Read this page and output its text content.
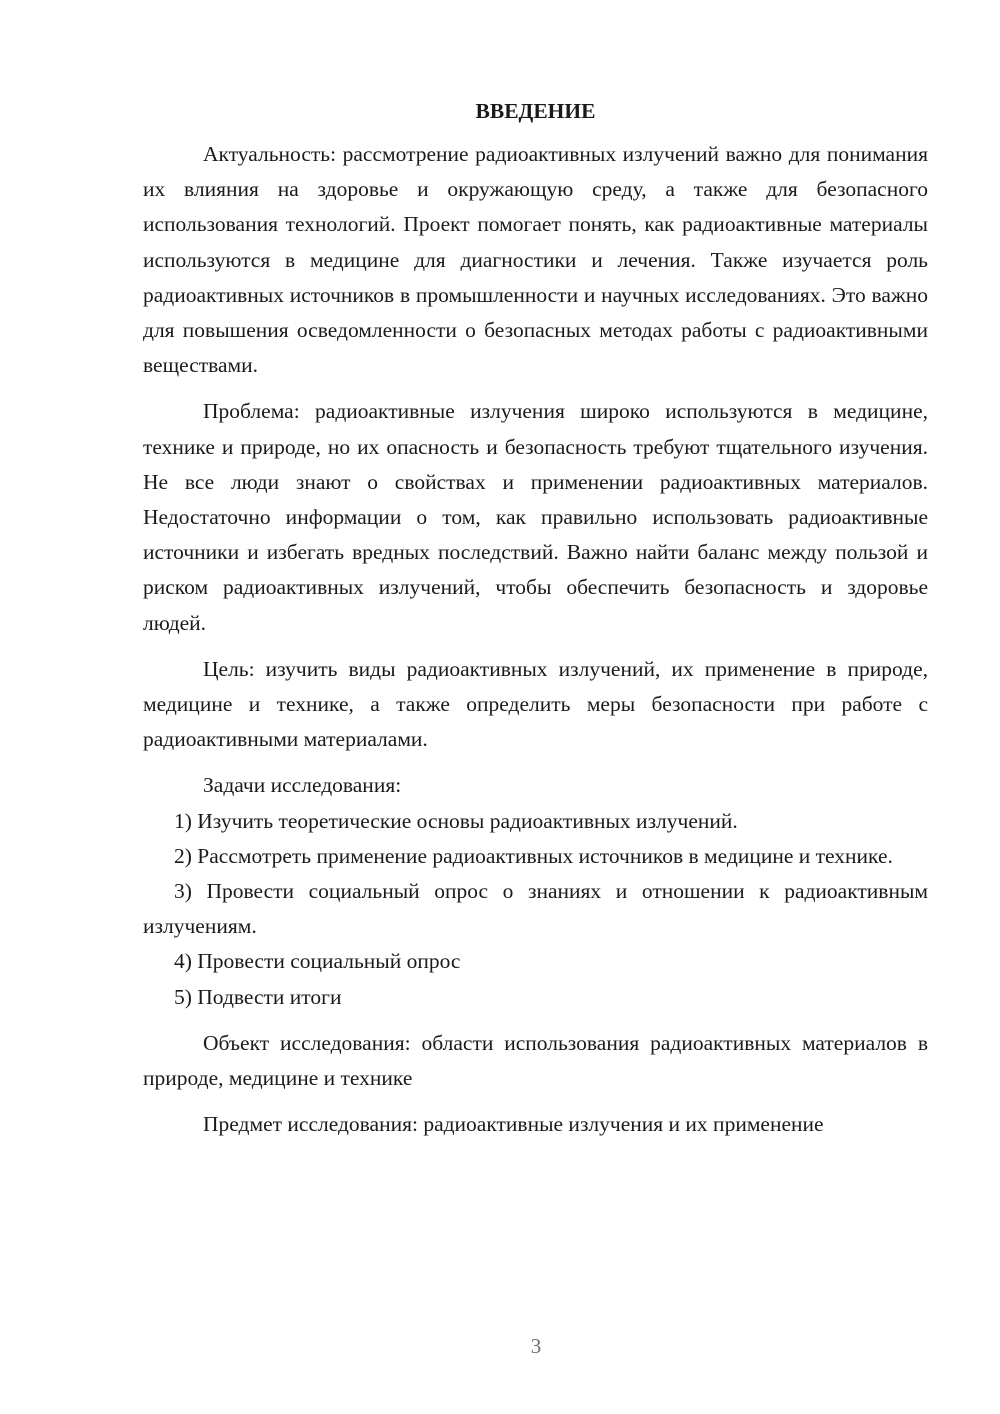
ВВЕДЕНИЕ

Актуальность: рассмотрение радиоактивных излучений важно для понимания их влияния на здоровье и окружающую среду, а также для безопасного использования технологий. Проект помогает понять, как радиоактивные материалы используются в медицине для диагностики и лечения. Также изучается роль радиоактивных источников в промышленности и научных исследованиях. Это важно для повышения осведомленности о безопасных методах работы с радиоактивными веществами.

Проблема: радиоактивные излучения широко используются в медицине, технике и природе, но их опасность и безопасность требуют тщательного изучения. Не все люди знают о свойствах и применении радиоактивных материалов. Недостаточно информации о том, как правильно использовать радиоактивные источники и избегать вредных последствий. Важно найти баланс между пользой и риском радиоактивных излучений, чтобы обеспечить безопасность и здоровье людей.

Цель: изучить виды радиоактивных излучений, их применение в природе, медицине и технике, а также определить меры безопасности при работе с радиоактивными материалами.

Задачи исследования:

1) Изучить теоретические основы радиоактивных излучений.

2) Рассмотреть применение радиоактивных источников в медицине и технике.

3) Провести социальный опрос о знаниях и отношении к радиоактивным излучениям.

4) Провести социальный опрос

5) Подвести итоги

Объект исследования: области использования радиоактивных материалов в природе, медицине и технике

Предмет исследования: радиоактивные излучения и их применение

3
